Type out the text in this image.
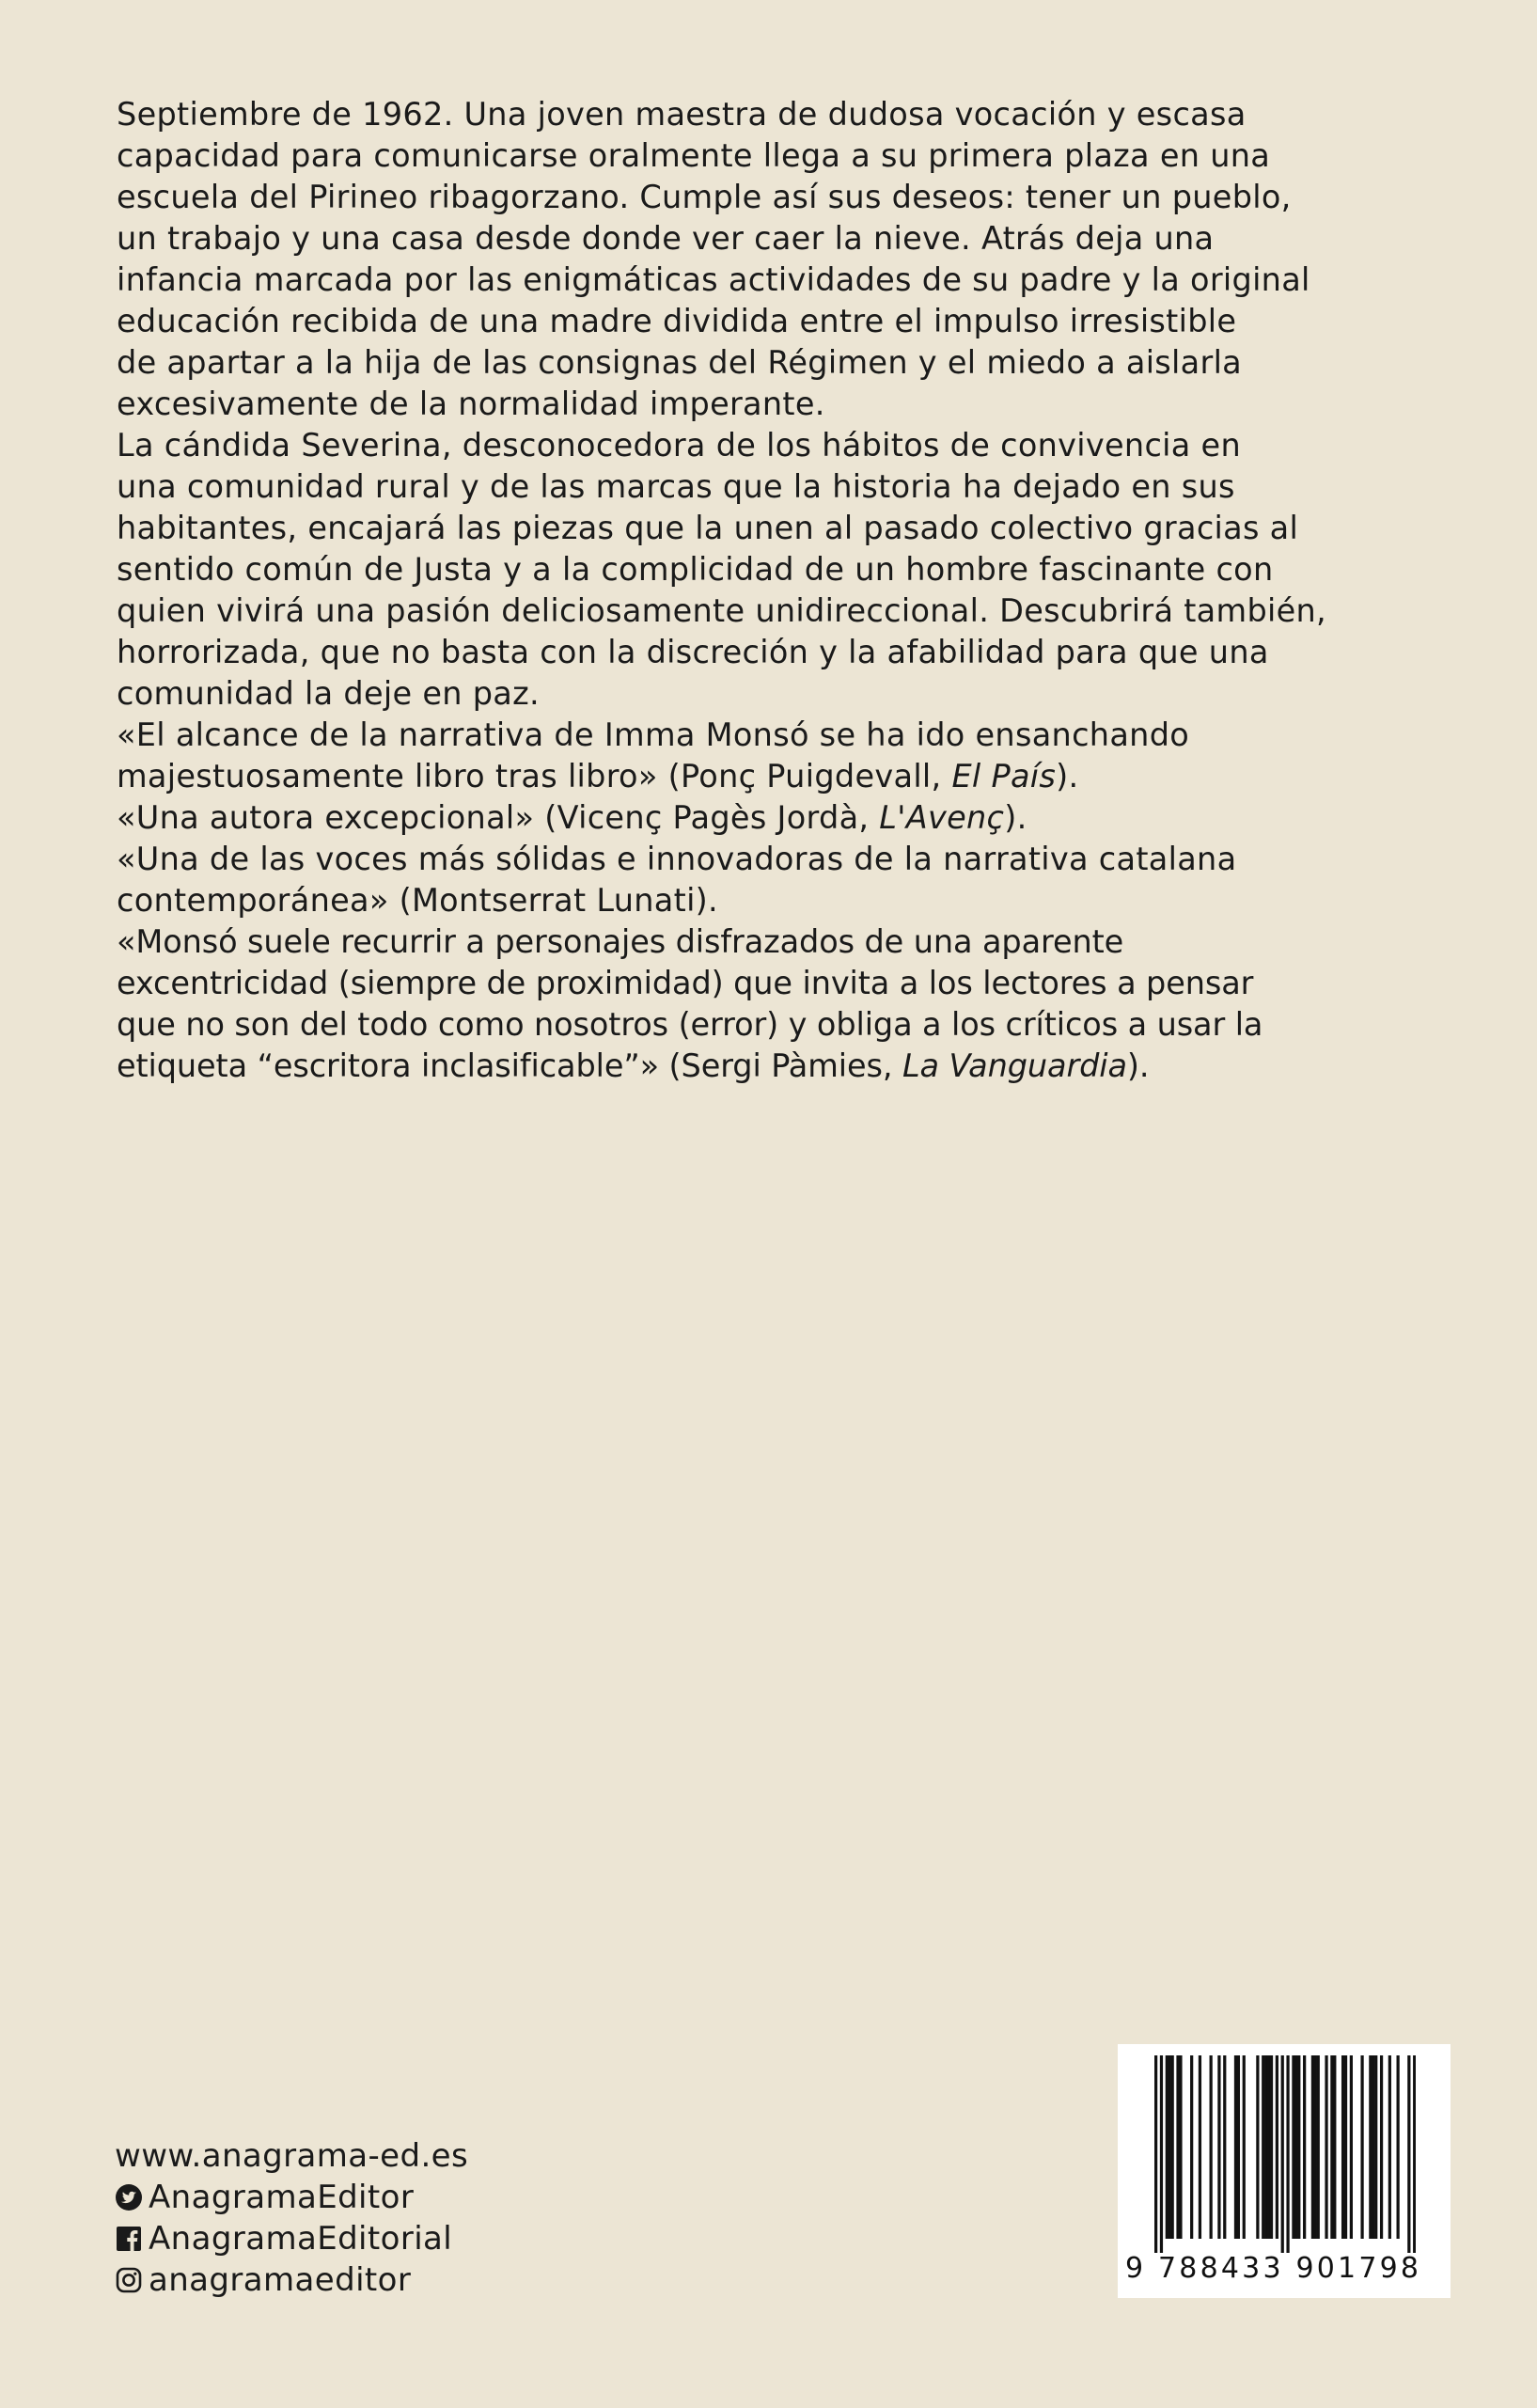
Septiembre de 1962. Una joven maestra de dudosa vocación y escasa
capacidad para comunicarse oralmente llega a su primera plaza en una
escuela del Pirineo ribagorzano. Cumple así sus deseos: tener un pueblo,
un trabajo y una casa desde donde ver caer la nieve. Atrás deja una
infancia marcada por las enigmáticas actividades de su padre y la original
educación recibida de una madre dividida entre el impulso irresistible
de apartar a la hija de las consignas del Régimen y el miedo a aislarla
excesivamente de la normalidad imperante.

La cándida Severina, desconocedora de los hábitos de convivencia en
una comunidad rural y de las marcas que la historia ha dejado en sus
habitantes, encajará las piezas que la unen al pasado colectivo gracias al
sentido común de Justa y a la complicidad de un hombre fascinante con
quien vivirá una pasión deliciosamente unidireccional. Descubrirá también,
horrorizada, que no basta con la discreción y la afabilidad para que una
comunidad la deje en paz.

«El alcance de la narrativa de Imma Monsó se ha ido ensanchando
majestuosamente libro tras libro» (Ponç Puigdevall, El País).

«Una autora excepcional» (Vicenç Pagès Jordà, L'Avenç).

«Una de las voces más sólidas e innovadoras de la narrativa catalana
contemporánea» (Montserrat Lunati).

«Monsó suele recurrir a personajes disfrazados de una aparente
excentricidad (siempre de proximidad) que invita a los lectores a pensar
que no son del todo como nosotros (error) y obliga a los críticos a usar la
etiqueta “escritora inclasificable”» (Sergi Pàmies, La Vanguardia).

www.anagrama-ed.es
AnagramaEditor
AnagramaEditorial
anagramaeditor	9 788433 901798
